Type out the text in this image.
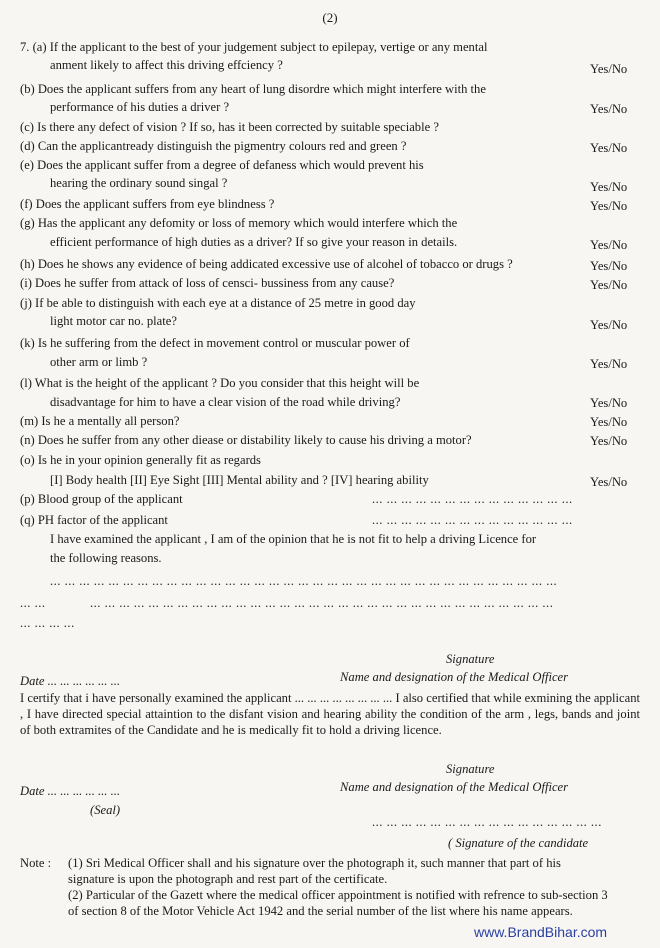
(2)
7. (a) If the applicant to the best of your judgement subject to epilepay, vertige or any mental
anment likely to affect this driving effciency ?	Yes/No
(b) Does the applicant suffers from any heart of lung disordre which might interfere with the
performance of his duties a driver ?	Yes/No
(c) Is there any defect of vision ? If so, has it been corrected by suitable speciable ?
(d) Can the applicantready distinguish the pigmentry colours red and green ?	Yes/No
(e) Does the applicant suffer from a degree of defaness which would prevent his
hearing the ordinary sound singal ?	Yes/No
(f) Does the applicant suffers from eye blindness ?	Yes/No
(g) Has the applicant any defomity or loss of memory which would interfere which the
efficient performance of high duties as a driver? If so give your reason in details.	Yes/No
(h) Does he shows any evidence of being addicated excessive use of alcohel of tobacco or drugs ?	Yes/No
(i) Does he suffer from attack of loss of censci- bussiness from any cause?	Yes/No
(j) If be able to distinguish with each eye at a distance of 25 metre in good day
light motor car no. plate?	Yes/No
(k) Is he suffering from the defect in movement control or muscular power of
other arm or limb ?	Yes/No
(l) What is the height of the applicant ? Do you consider that this height will be
disadvantage for him to have a clear vision of the road while driving?	Yes/No
(m) Is he a mentally all person?	Yes/No
(n) Does he suffer from any other diease or distability likely to cause his driving a motor?	Yes/No
(o) Is he in your opinion generally fit as regards
[I] Body health [II] Eye Sight [III] Mental ability and ? [IV] hearing ability	Yes/No
(p) Blood group of the applicant	... ... ... ... ... ... ... ... ... ... ... ... ... ...
(q) PH factor of the applicant	... ... ... ... ... ... ... ... ... ... ... ... ... ...
I have examined the applicant , I am of the opinion that he is not fit to help a driving Licence for
the following reasons.
... ... ... ... ... ... ... ... ... ... ... ... ... ... ... ... ... ... ... ... ... ... ... ... ... ... ... ... ... ... ... ... ... ... ...
... ...	... ... ... ... ... ... ... ... ... ... ... ... ... ... ... ... ... ... ... ... ... ... ... ... ... ... ... ... ... ... ... ...
... ... ... ...
Signature
Name and designation of the Medical Officer
Date ... ... ... ... ... ...
I certify that i have personally examined the applicant ... ... ... ... ... ... ... ... I also certified that while exmining the applicant , I have directed special attaintion to the disfant vision and hearing ability the condition of the arm , legs, bands and joint of both extramites of the Candidate and he is medically fit to hold a driving licence.
Signature
Name and designation of the Medical Officer
Date ... ... ... ... ... ...
(Seal)
... ... ... ... ... ... ... ... ... ... ... ... ... ... ... ...
( Signature of the candidate
Note : (1) Sri Medical Officer shall and his signature over the photograph it, such manner that part of his
signature is upon the photograph and rest part of the certificate.
(2) Particular of the Gazett where the medical officer appointment is notified with refrence to sub-section 3
of section 8 of the Motor Vehicle Act 1942 and the serial number of the list where his name appears.
www.BrandBihar.com
